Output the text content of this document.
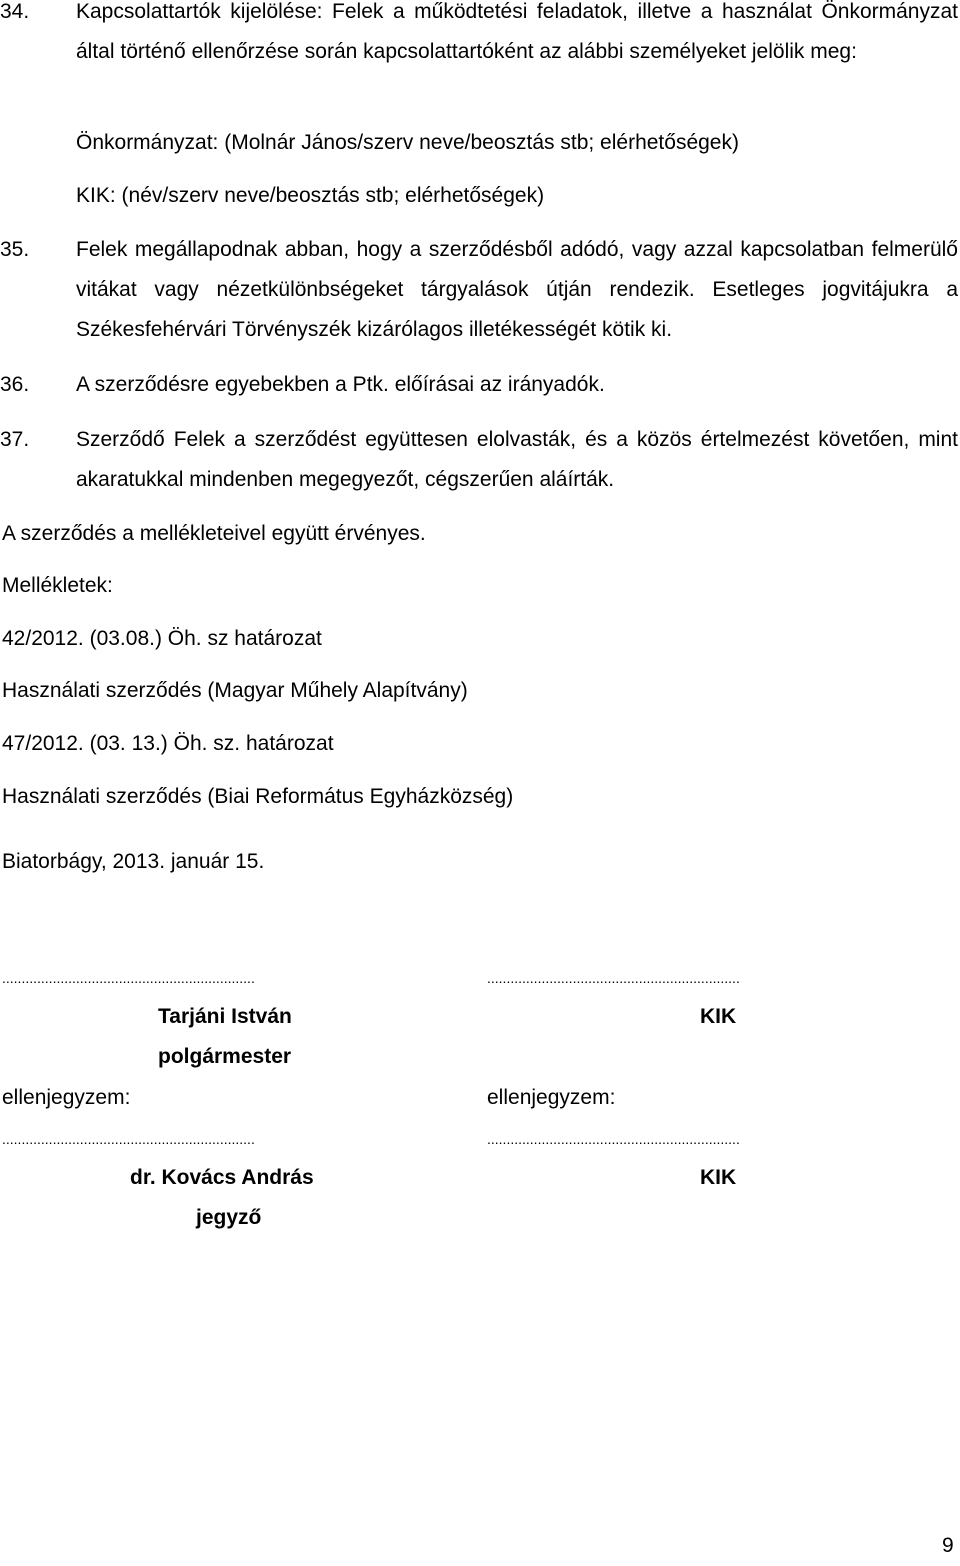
34.	Kapcsolattartók kijelölése: Felek a működtetési feladatok, illetve a használat Önkormányzat által történő ellenőrzése során kapcsolattartóként az alábbi személyeket jelölik meg:
Önkormányzat: (Molnár János/szerv neve/beosztás stb; elérhetőségek)
KIK: (név/szerv neve/beosztás stb; elérhetőségek)
35.	Felek megállapodnak abban, hogy a szerződésből adódó, vagy azzal kapcsolatban felmerülő vitákat vagy nézetkülönbségeket tárgyalások útján rendezik. Esetleges jogvitájukra a Székesfehérvári Törvényszék kizárólagos illetékességét kötik ki.
36.	A szerződésre egyebekben a Ptk. előírásai az irányadók.
37.	Szerződő Felek a szerződést együttesen elolvasták, és a közös értelmezést követően, mint akaratukkal mindenben megegyezőt, cégszerűen aláírták.
A szerződés a mellékleteivel együtt érvényes.
Mellékletek:
42/2012. (03.08.) Öh. sz határozat
Használati szerződés (Magyar Műhely Alapítvány)
47/2012. (03. 13.) Öh. sz. határozat
Használati szerződés (Biai Református Egyházközség)
Biatorbágy, 2013. január 15.
.................................................................	.................................................................
Tarjáni István	KIK
polgármester
ellenjegyzem:	ellenjegyzem:
.................................................................	.................................................................
dr. Kovács András	KIK
jegyző
9
